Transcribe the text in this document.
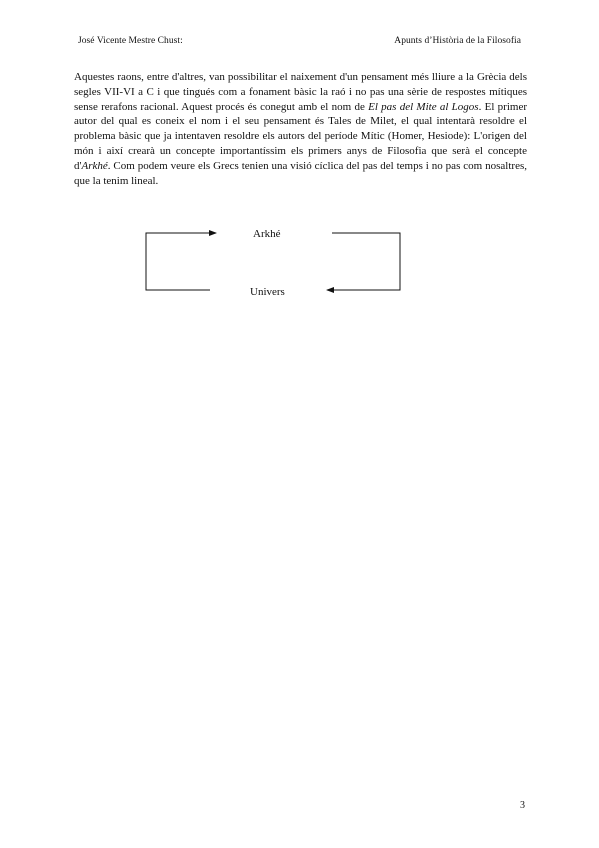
José Vicente Mestre Chust:	Apunts d’Història de la Filosofia

Aquestes raons, entre d'altres, van possibilitar el naixement d'un pensament més lliure a la Grècia dels segles VII-VI a C i que tingués com a fonament bàsic la raó i no pas una sèrie de respostes mítiques sense rerafons racional. Aquest procés és conegut amb el nom de El pas del Mite al Logos. El primer autor del qual es coneix el nom i el seu pensament és Tales de Milet, el qual intentarà resoldre el problema bàsic que ja intentaven resoldre els autors del període Mític (Homer, Hesiode): L'origen del món i així crearà un concepte importantíssim els primers anys de Filosofia que serà el concepte d'Arkhé. Com podem veure els Grecs tenien una visió cíclica del pas del temps i no pas com nosaltres, que la tenim lineal.

Arkhé
Univers
3
